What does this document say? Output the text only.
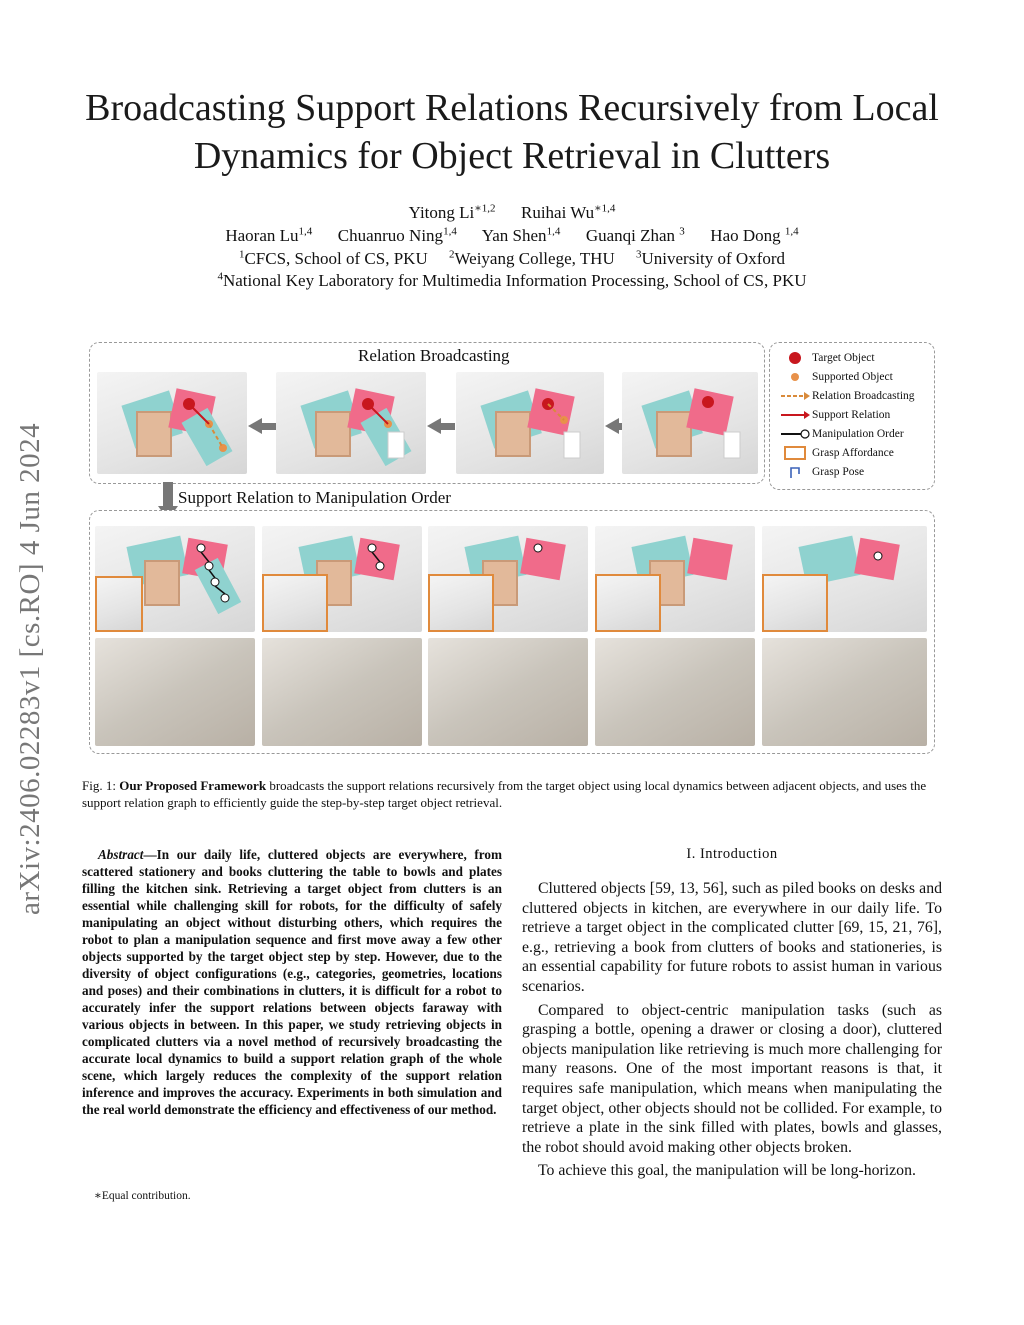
Broadcasting Support Relations Recursively from Local Dynamics for Object Retrieval in Clutters
Yitong $Li^{∗1,2}$ Ruihai $Wu^{∗1,4}$
Haoran Lu$^{1,4}$ Chuanruo Ning$^{1,4}$ Yan Shen$^{1,4}$ Guanqi Zhan $^3$ Hao Dong $^{1,4}$
$^1$CFCS, School of CS, PKU $^2$Weiyang College, THU $^3$University of Oxford
$^4$National Key Laboratory for Multimedia Information Processing, School of CS, PKU
arXiv:2406.02283v1 [cs.RO] 4 Jun 2024
Relation Broadcasting	Target Object
Supported Object
Relation Broadcasting
Support Relation
Manipulation Order
Grasp Affordance
Grasp Pose
Support Relation to Manipulation Order
Fig. 1: Our Proposed Framework broadcasts the support relations recursively from the target object using local dynamics between adjacent objects, and uses the support relation graph to efficiently guide the step-by-step target object retrieval.
Abstract—In our daily life, cluttered objects are everywhere, from scattered stationery and books cluttering the table to bowls and plates filling the kitchen sink. Retrieving a target object from clutters is an essential while challenging skill for robots, for the difficulty of safely manipulating an object without disturbing others, which requires the robot to plan a manipulation sequence and first move away a few other objects supported by the target object step by step. However, due to the diversity of object configurations (e.g., categories, geometries, locations and poses) and their combinations in clutters, it is difficult for a robot to accurately infer the support relations between objects faraway with various objects in between. In this paper, we study retrieving objects in complicated clutters via a novel method of recursively broadcasting the accurate local dynamics to build a support relation graph of the whole scene, which largely reduces the complexity of the support relation inference and improves the accuracy. Experiments in both simulation and the real world demonstrate the efficiency and effectiveness of our method.
∗Equal contribution.
I. Introduction

Cluttered objects [59, 13, 56], such as piled books on desks and cluttered objects in kitchen, are everywhere in our daily life. To retrieve a target object in the complicated clutter [69, 15, 21, 76], e.g., retrieving a book from clutters of books and stationeries, is an essential capability for future robots to assist human in various scenarios.

Compared to object-centric manipulation tasks (such as grasping a bottle, opening a drawer or closing a door), cluttered objects manipulation like retrieving is much more challenging for many reasons. One of the most important reasons is that, it requires safe manipulation, which means when manipulating the target object, other objects should not be collided. For example, to retrieve a plate in the sink filled with plates, bowls and glasses, the robot should avoid making other objects broken.

To achieve this goal, the manipulation will be long-horizon.
